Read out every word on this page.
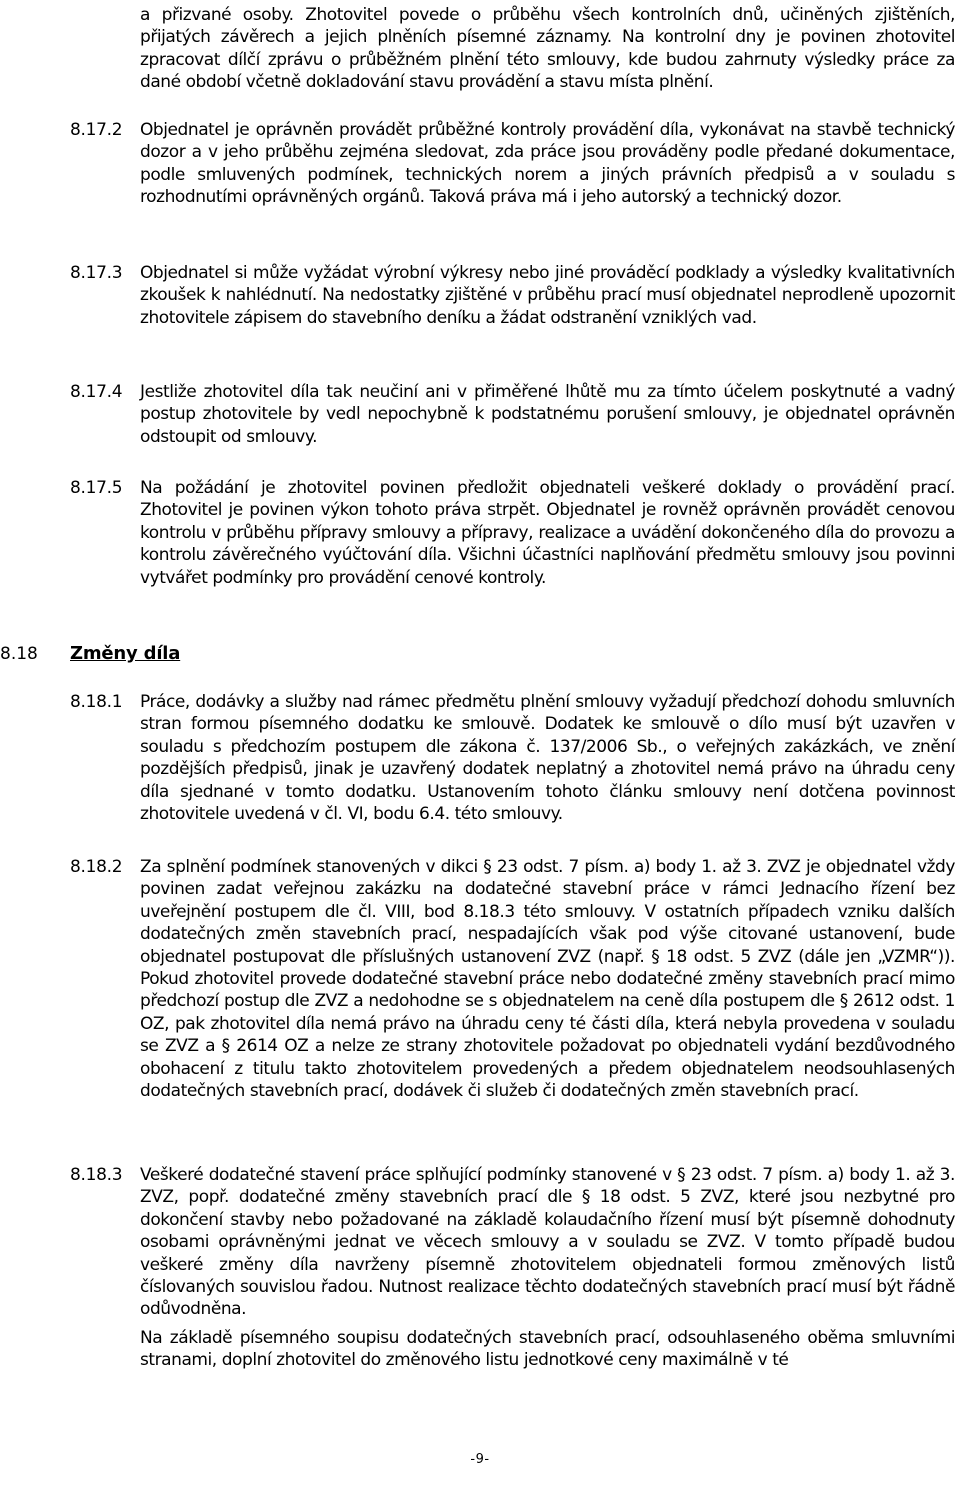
a přizvané osoby. Zhotovitel povede o průběhu všech kontrolních dnů, učiněných zjištěních, přijatých závěrech a jejich plněních písemné záznamy. Na kontrolní dny je povinen zhotovitel zpracovat dílčí zprávu o průběžném plnění této smlouvy, kde budou zahrnuty výsledky práce za dané období včetně dokladování stavu provádění a stavu místa plnění.

8.17.2 Objednatel je oprávněn provádět průběžné kontroly provádění díla, vykonávat na stavbě technický dozor a v jeho průběhu zejména sledovat, zda práce jsou prováděny podle předané dokumentace, podle smluvených podmínek, technických norem a jiných právních předpisů a v souladu s rozhodnutími oprávněných orgánů. Taková práva má i jeho autorský a technický dozor.

8.17.3 Objednatel si může vyžádat výrobní výkresy nebo jiné prováděcí podklady a výsledky kvalitativních zkoušek k nahlédnutí. Na nedostatky zjištěné v průběhu prací musí objednatel neprodleně upozornit zhotovitele zápisem do stavebního deníku a žádat odstranění vzniklých vad.

8.17.4 Jestliže zhotovitel díla tak neučiní ani v přiměřené lhůtě mu za tímto účelem poskytnuté a vadný postup zhotovitele by vedl nepochybně k podstatnému porušení smlouvy, je objednatel oprávněn odstoupit od smlouvy.

8.17.5 Na požádání je zhotovitel povinen předložit objednateli veškeré doklady o provádění prací. Zhotovitel je povinen výkon tohoto práva strpět. Objednatel je rovněž oprávněn provádět cenovou kontrolu v průběhu přípravy smlouvy a přípravy, realizace a uvádění dokončeného díla do provozu a kontrolu závěrečného vyúčtování díla. Všichni účastníci naplňování předmětu smlouvy jsou povinni vytvářet podmínky pro provádění cenové kontroly.

8.18 Změny díla
8.18.1 Práce, dodávky a služby nad rámec předmětu plnění smlouvy vyžadují předchozí dohodu smluvních stran formou písemného dodatku ke smlouvě. Dodatek ke smlouvě o dílo musí být uzavřen v souladu s předchozím postupem dle zákona č. 137/2006 Sb., o veřejných zakázkách, ve znění pozdějších předpisů, jinak je uzavřený dodatek neplatný a zhotovitel nemá právo na úhradu ceny díla sjednané v tomto dodatku. Ustanovením tohoto článku smlouvy není dotčena povinnost zhotovitele uvedená v čl. VI, bodu 6.4. této smlouvy.

8.18.2 Za splnění podmínek stanovených v dikci § 23 odst. 7 písm. a) body 1. až 3. ZVZ je objednatel vždy povinen zadat veřejnou zakázku na dodatečné stavební práce v rámci Jednacího řízení bez uveřejnění postupem dle čl. VIII, bod 8.18.3 této smlouvy. V ostatních případech vzniku dalších dodatečných změn stavebních prací, nespadajících však pod výše citované ustanovení, bude objednatel postupovat dle příslušných ustanovení ZVZ (např. § 18 odst. 5 ZVZ (dále jen „VZMR“)). Pokud zhotovitel provede dodatečné stavební práce nebo dodatečné změny stavebních prací mimo předchozí postup dle ZVZ a nedohodne se s objednatelem na ceně díla postupem dle § 2612 odst. 1 OZ, pak zhotovitel díla nemá právo na úhradu ceny té části díla, která nebyla provedena v souladu se ZVZ a § 2614 OZ a nelze ze strany zhotovitele požadovat po objednateli vydání bezdůvodného obohacení z titulu takto zhotovitelem provedených a předem objednatelem neodsouhlasených dodatečných stavebních prací, dodávek či služeb či dodatečných změn stavebních prací.

8.18.3 Veškeré dodatečné stavení práce splňující podmínky stanovené v § 23 odst. 7 písm. a) body 1. až 3. ZVZ, popř. dodatečné změny stavebních prací dle § 18 odst. 5 ZVZ, které jsou nezbytné pro dokončení stavby nebo požadované na základě kolaudačního řízení musí být písemně dohodnuty osobami oprávněnými jednat ve věcech smlouvy a v souladu se ZVZ. V tomto případě budou veškeré změny díla navrženy písemně zhotovitelem objednateli formou změnových listů číslovaných souvislou řadou. Nutnost realizace těchto dodatečných stavebních prací musí být řádně odůvodněna.

Na základě písemného soupisu dodatečných stavebních prací, odsouhlaseného oběma smluvními stranami, doplní zhotovitel do změnového listu jednotkové ceny maximálně v té

-9-
